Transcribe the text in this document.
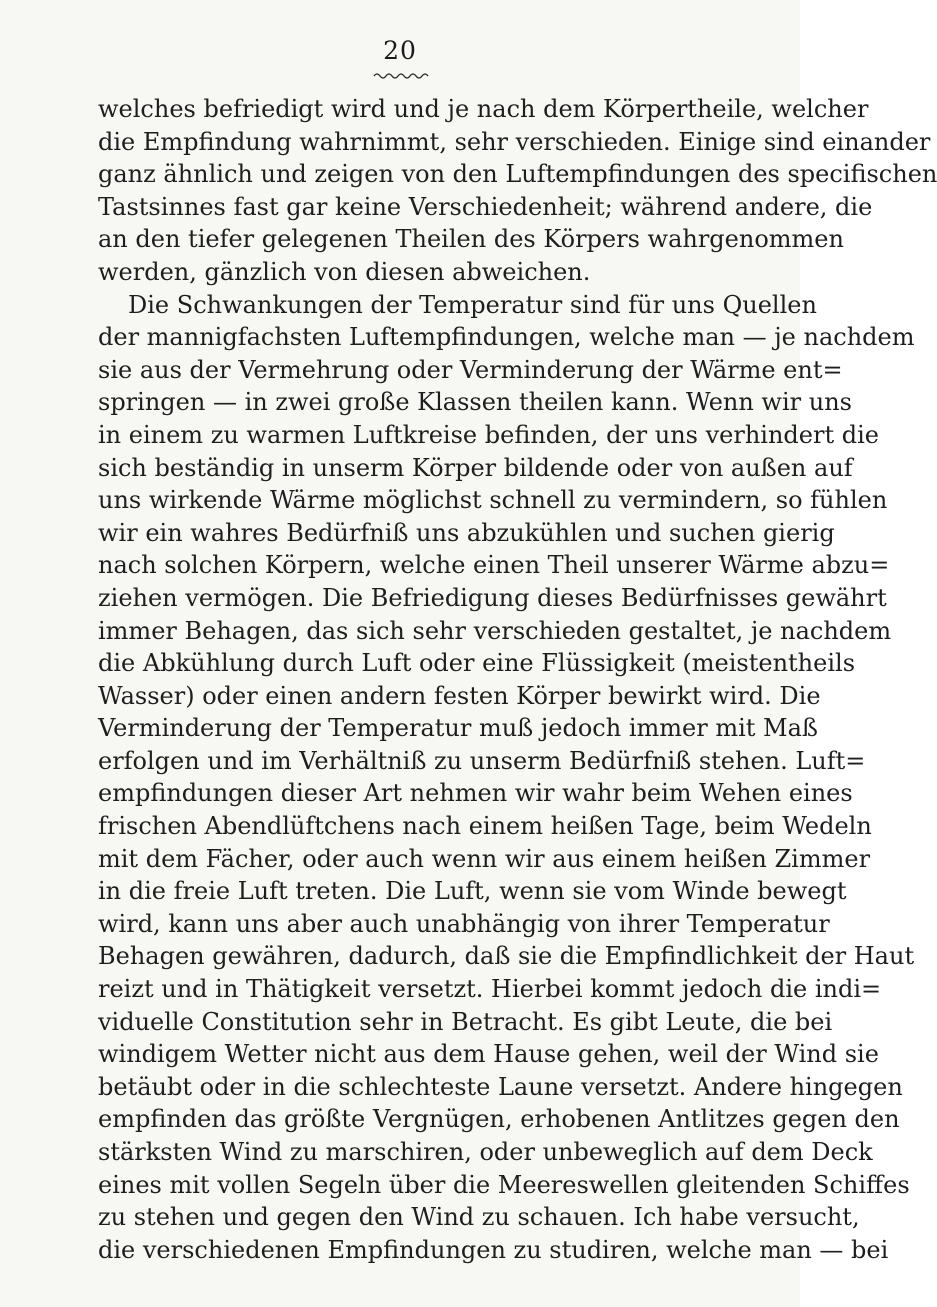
20
welches befriedigt wird und je nach dem Körpertheile, welcher
die Empfindung wahrnimmt, sehr verschieden. Einige sind einander
ganz ähnlich und zeigen von den Luftempfindungen des specifischen
Tastsinnes fast gar keine Verschiedenheit; während andere, die
an den tiefer gelegenen Theilen des Körpers wahrgenommen
werden, gänzlich von diesen abweichen.
Die Schwankungen der Temperatur sind für uns Quellen
der mannigfachsten Luftempfindungen, welche man — je nachdem
sie aus der Vermehrung oder Verminderung der Wärme ent=
springen — in zwei große Klassen theilen kann. Wenn wir uns
in einem zu warmen Luftkreise befinden, der uns verhindert die
sich beständig in unserm Körper bildende oder von außen auf
uns wirkende Wärme möglichst schnell zu vermindern, so fühlen
wir ein wahres Bedürfniß uns abzukühlen und suchen gierig
nach solchen Körpern, welche einen Theil unserer Wärme abzu=
ziehen vermögen. Die Befriedigung dieses Bedürfnisses gewährt
immer Behagen, das sich sehr verschieden gestaltet, je nachdem
die Abkühlung durch Luft oder eine Flüssigkeit (meistentheils
Wasser) oder einen andern festen Körper bewirkt wird. Die
Verminderung der Temperatur muß jedoch immer mit Maß
erfolgen und im Verhältniß zu unserm Bedürfniß stehen. Luft=
empfindungen dieser Art nehmen wir wahr beim Wehen eines
frischen Abendlüftchens nach einem heißen Tage, beim Wedeln
mit dem Fächer, oder auch wenn wir aus einem heißen Zimmer
in die freie Luft treten. Die Luft, wenn sie vom Winde bewegt
wird, kann uns aber auch unabhängig von ihrer Temperatur
Behagen gewähren, dadurch, daß sie die Empfindlichkeit der Haut
reizt und in Thätigkeit versetzt. Hierbei kommt jedoch die indi=
viduelle Constitution sehr in Betracht. Es gibt Leute, die bei
windigem Wetter nicht aus dem Hause gehen, weil der Wind sie
betäubt oder in die schlechteste Laune versetzt. Andere hingegen
empfinden das größte Vergnügen, erhobenen Antlitzes gegen den
stärksten Wind zu marschiren, oder unbeweglich auf dem Deck
eines mit vollen Segeln über die Meereswellen gleitenden Schiffes
zu stehen und gegen den Wind zu schauen. Ich habe versucht,
die verschiedenen Empfindungen zu studiren, welche man — bei
